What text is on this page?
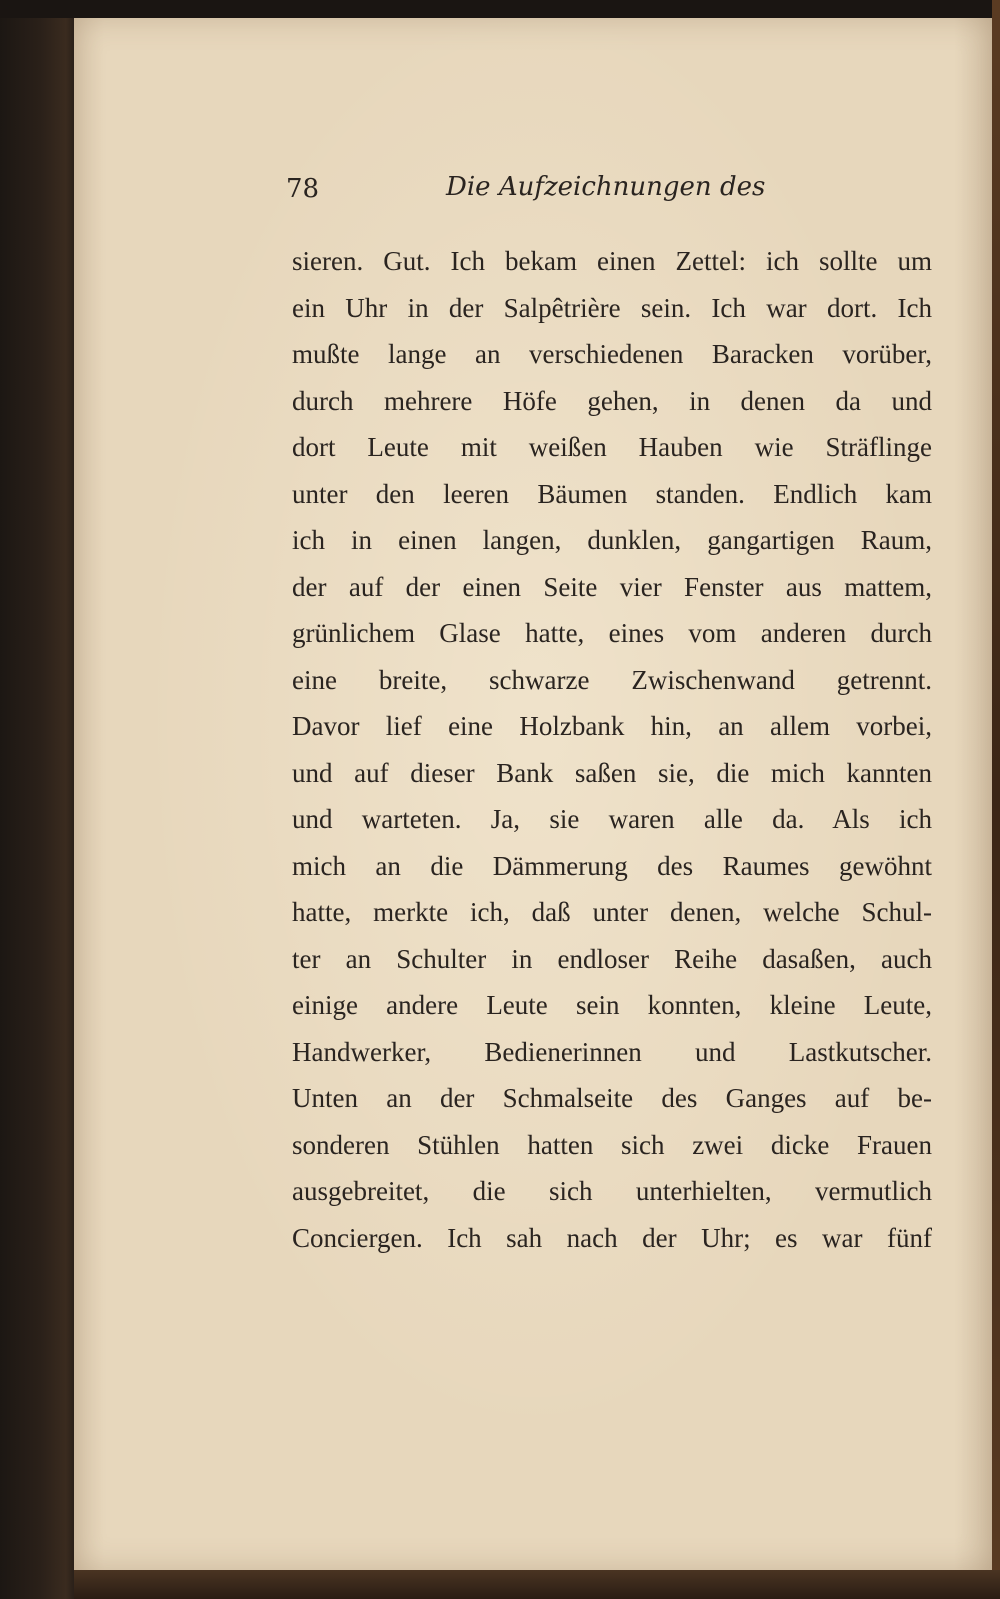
78	Die Aufzeichnungen des
sieren. Gut. Ich bekam einen Zettel: ich sollte um
ein Uhr in der Salpêtrière sein. Ich war dort. Ich
mußte lange an verschiedenen Baracken vorüber,
durch mehrere Höfe gehen, in denen da und
dort Leute mit weißen Hauben wie Sträflinge
unter den leeren Bäumen standen. Endlich kam
ich in einen langen, dunklen, gangartigen Raum,
der auf der einen Seite vier Fenster aus mattem,
grünlichem Glase hatte, eines vom anderen durch
eine breite, schwarze Zwischenwand getrennt.
Davor lief eine Holzbank hin, an allem vorbei,
und auf dieser Bank saßen sie, die mich kannten
und warteten. Ja, sie waren alle da. Als ich
mich an die Dämmerung des Raumes gewöhnt
hatte, merkte ich, daß unter denen, welche Schul-
ter an Schulter in endloser Reihe dasaßen, auch
einige andere Leute sein konnten, kleine Leute,
Handwerker, Bedienerinnen und Lastkutscher.
Unten an der Schmalseite des Ganges auf be-
sonderen Stühlen hatten sich zwei dicke Frauen
ausgebreitet, die sich unterhielten, vermutlich
Conciergen. Ich sah nach der Uhr; es war fünf
